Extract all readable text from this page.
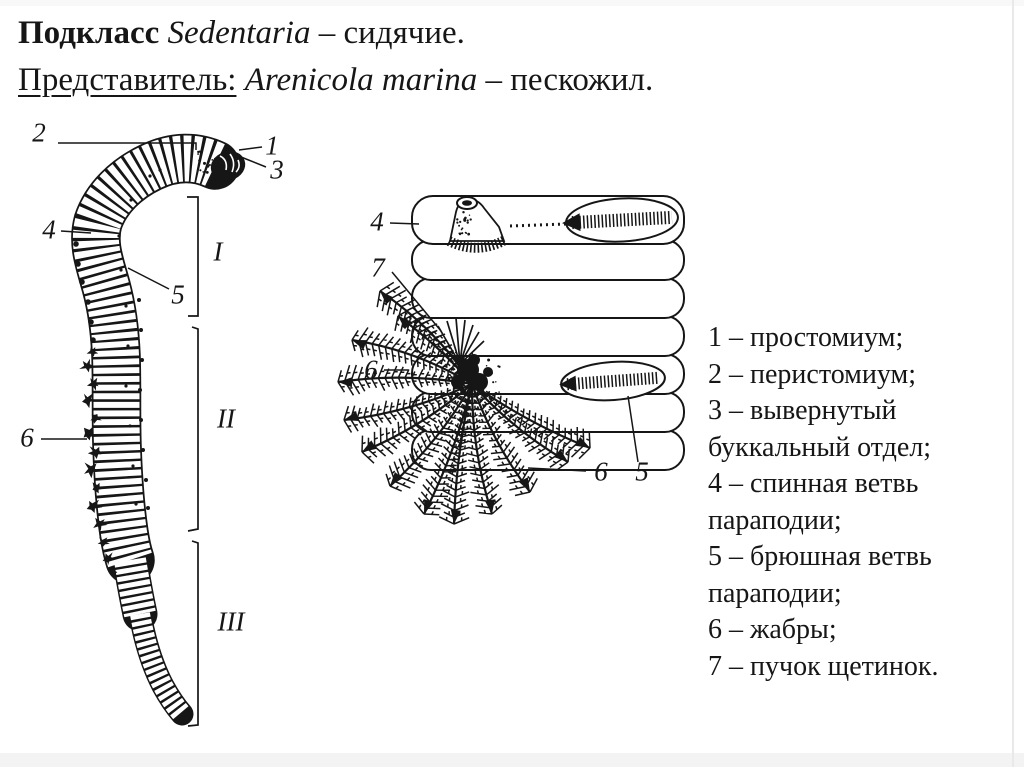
Подкласс Sedentaria – сидячие.
Представитель: Arenicola marina – пескожил.
2	1
3
4
5
6
I
II
III
4
7
6
6 5
1 – простомиум;
2 – перистомиум;
3 – вывернутый буккальный отдел;
4 – спинная ветвь параподии;
5 – брюшная ветвь параподии;
6 – жабры;
7 – пучок щетинок.
